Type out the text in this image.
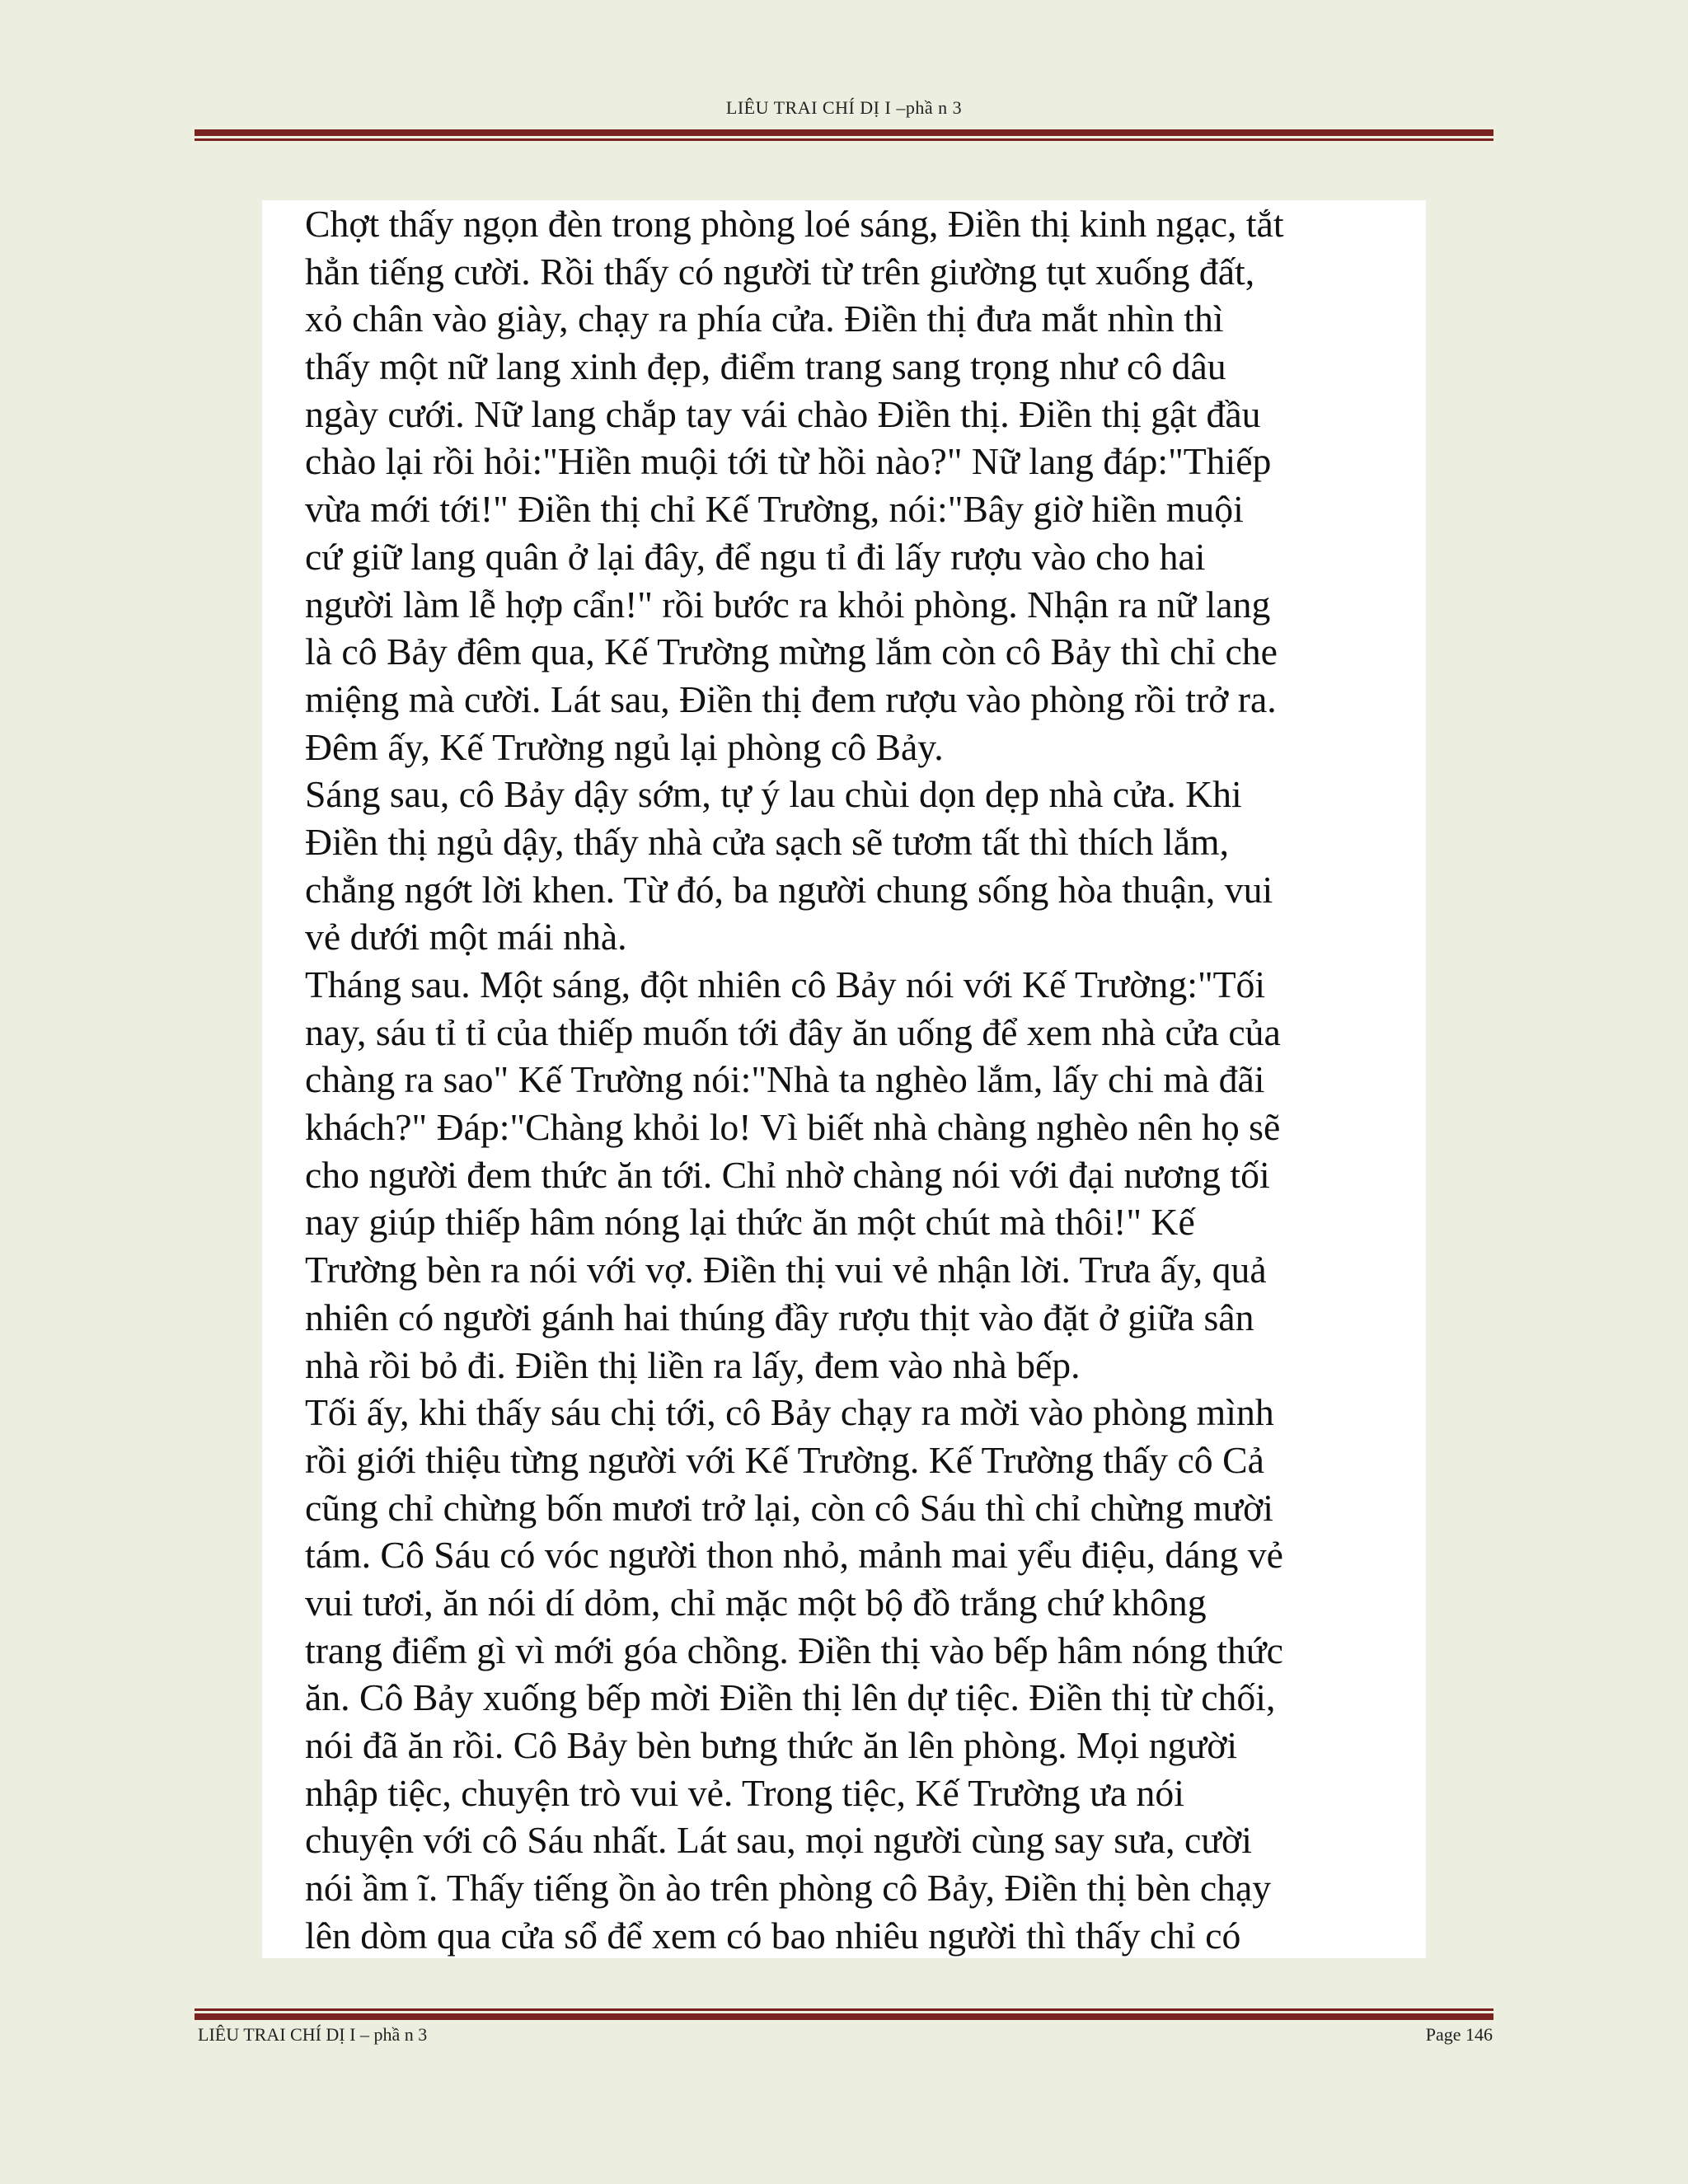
LIÊU TRAI CHÍ DỊ I –phầ n 3
Chợt thấy ngọn đèn trong phòng loé sáng, Điền thị kinh ngạc, tắt
hẳn tiếng cười. Rồi thấy có người từ trên giường tụt xuống đất,
xỏ chân vào giày, chạy ra phía cửa. Điền thị đưa mắt nhìn thì
thấy một nữ lang xinh đẹp, điểm trang sang trọng như cô dâu
ngày cưới. Nữ lang chắp tay vái chào Điền thị. Điền thị gật đầu
chào lại rồi hỏi:"Hiền muội tới từ hồi nào?" Nữ lang đáp:"Thiếp
vừa mới tới!" Điền thị chỉ Kế Trường, nói:"Bây giờ hiền muội
cứ giữ lang quân ở lại đây, để ngu tỉ đi lấy rượu vào cho hai
người làm lễ hợp cẩn!" rồi bước ra khỏi phòng. Nhận ra nữ lang
là cô Bảy đêm qua, Kế Trường mừng lắm còn cô Bảy thì chỉ che
miệng mà cười. Lát sau, Điền thị đem rượu vào phòng rồi trở ra.
Đêm ấy, Kế Trường ngủ lại phòng cô Bảy.
Sáng sau, cô Bảy dậy sớm, tự ý lau chùi dọn dẹp nhà cửa. Khi
Điền thị ngủ dậy, thấy nhà cửa sạch sẽ tươm tất thì thích lắm,
chẳng ngớt lời khen. Từ đó, ba người chung sống hòa thuận, vui
vẻ dưới một mái nhà.
Tháng sau. Một sáng, đột nhiên cô Bảy nói với Kế Trường:"Tối
nay, sáu tỉ tỉ của thiếp muốn tới đây ăn uống để xem nhà cửa của
chàng ra sao" Kế Trường nói:"Nhà ta nghèo lắm, lấy chi mà đãi
khách?" Đáp:"Chàng khỏi lo! Vì biết nhà chàng nghèo nên họ sẽ
cho người đem thức ăn tới. Chỉ nhờ chàng nói với đại nương tối
nay giúp thiếp hâm nóng lại thức ăn một chút mà thôi!" Kế
Trường bèn ra nói với vợ. Điền thị vui vẻ nhận lời. Trưa ấy, quả
nhiên có người gánh hai thúng đầy rượu thịt vào đặt ở giữa sân
nhà rồi bỏ đi. Điền thị liền ra lấy, đem vào nhà bếp.
Tối ấy, khi thấy sáu chị tới, cô Bảy chạy ra mời vào phòng mình
rồi giới thiệu từng người với Kế Trường. Kế Trường thấy cô Cả
cũng chỉ chừng bốn mươi trở lại, còn cô Sáu thì chỉ chừng mười
tám. Cô Sáu có vóc người thon nhỏ, mảnh mai yểu điệu, dáng vẻ
vui tươi, ăn nói dí dỏm, chỉ mặc một bộ đồ trắng chứ không
trang điểm gì vì mới góa chồng. Điền thị vào bếp hâm nóng thức
ăn. Cô Bảy xuống bếp mời Điền thị lên dự tiệc. Điền thị từ chối,
nói đã ăn rồi. Cô Bảy bèn bưng thức ăn lên phòng. Mọi người
nhập tiệc, chuyện trò vui vẻ. Trong tiệc, Kế Trường ưa nói
chuyện với cô Sáu nhất. Lát sau, mọi người cùng say sưa, cười
nói ầm ĩ. Thấy tiếng ồn ào trên phòng cô Bảy, Điền thị bèn chạy
lên dòm qua cửa sổ để xem có bao nhiêu người thì thấy chỉ có
LIÊU TRAI CHÍ DỊ I – phầ n 3	Page 146
